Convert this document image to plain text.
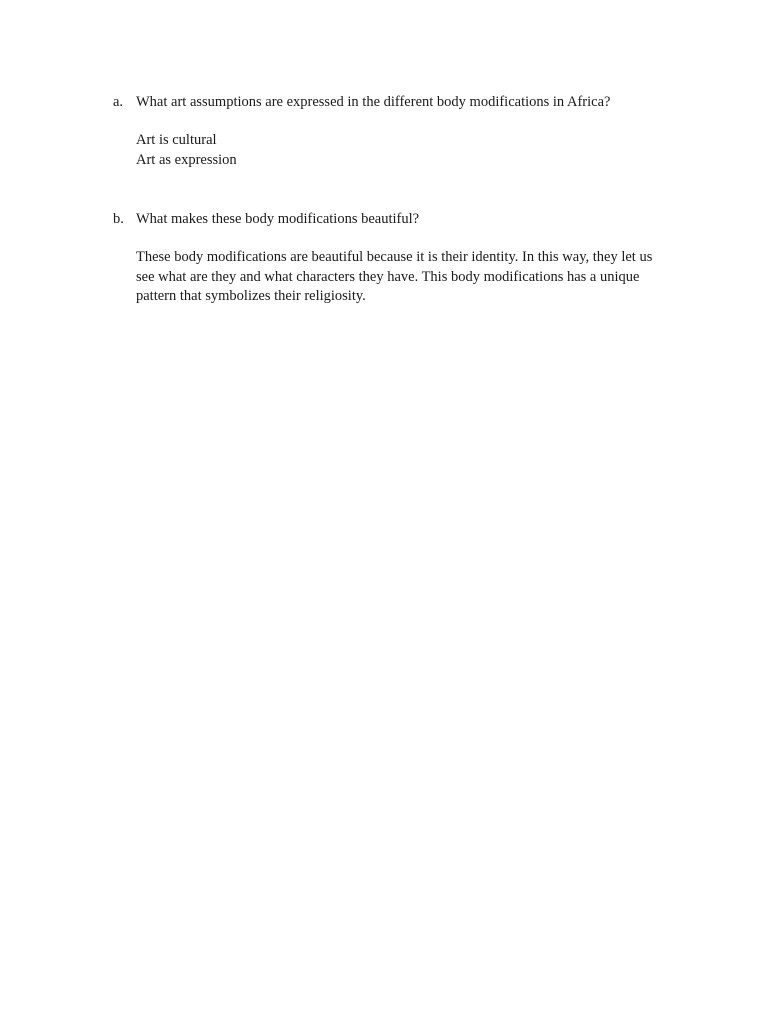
a. What art assumptions are expressed in the different body modifications in Africa?
Art is cultural
Art as expression
b. What makes these body modifications beautiful?

These body modifications are beautiful because it is their identity. In this way, they let us
see what are they and what characters they have. This body modifications has a unique
pattern that symbolizes their religiosity.
